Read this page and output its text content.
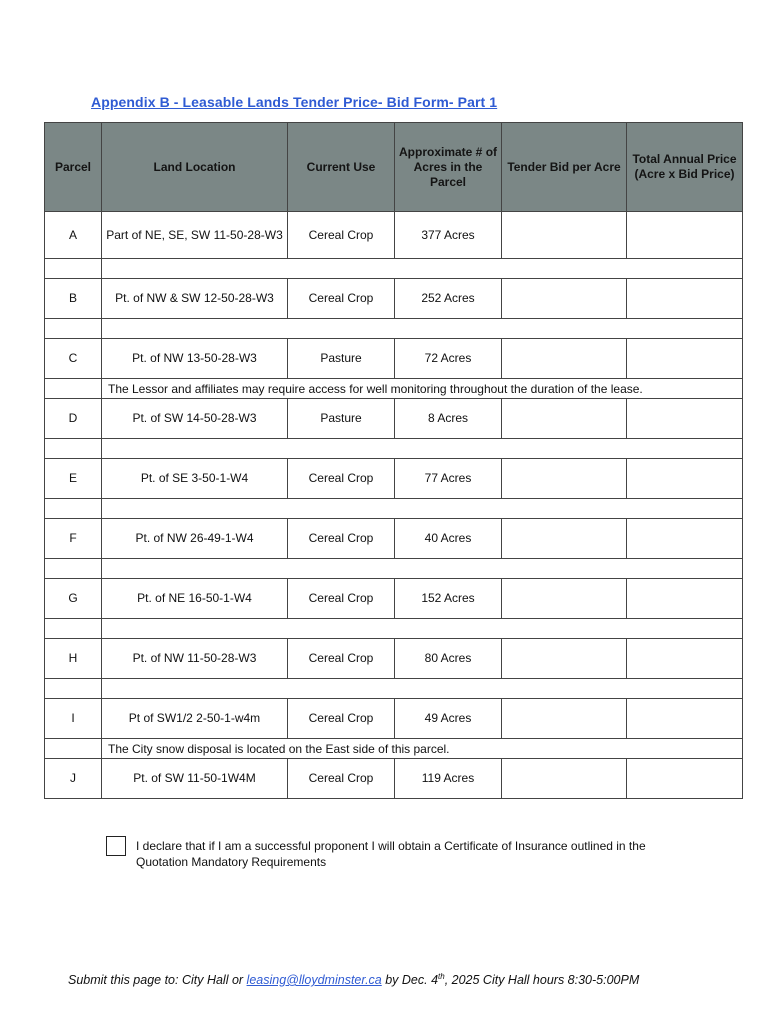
Appendix B - Leasable Lands Tender Price- Bid Form- Part 1
Parcel	Land Location	Current Use	Approximate # of Acres in the Parcel	Tender Bid per Acre	Total Annual Price (Acre x Bid Price)
A	Part of NE, SE, SW 11-50-28-W3	Cereal Crop	377 Acres		

B	Pt. of NW & SW 12-50-28-W3	Cereal Crop	252 Acres		

C	Pt. of NW 13-50-28-W3	Pasture	72 Acres		
	The Lessor and affiliates may require access for well monitoring throughout the duration of the lease.				
D	Pt. of SW 14-50-28-W3	Pasture	8 Acres		

E	Pt. of SE 3-50-1-W4	Cereal Crop	77 Acres		

F	Pt. of NW 26-49-1-W4	Cereal Crop	40 Acres		

G	Pt. of NE 16-50-1-W4	Cereal Crop	152 Acres		

H	Pt. of NW 11-50-28-W3	Cereal Crop	80 Acres		

I	Pt of SW1/2 2-50-1-w4m	Cereal Crop	49 Acres		
	The City snow disposal is located on the East side of this parcel.				
J	Pt. of SW 11-50-1W4M	Cereal Crop	119 Acres		
I declare that if I am a successful proponent I will obtain a Certificate of Insurance outlined in the Quotation Mandatory Requirements
Submit this page to: City Hall or leasing@lloydminster.ca by Dec. 4th, 2025 City Hall hours 8:30-5:00PM
